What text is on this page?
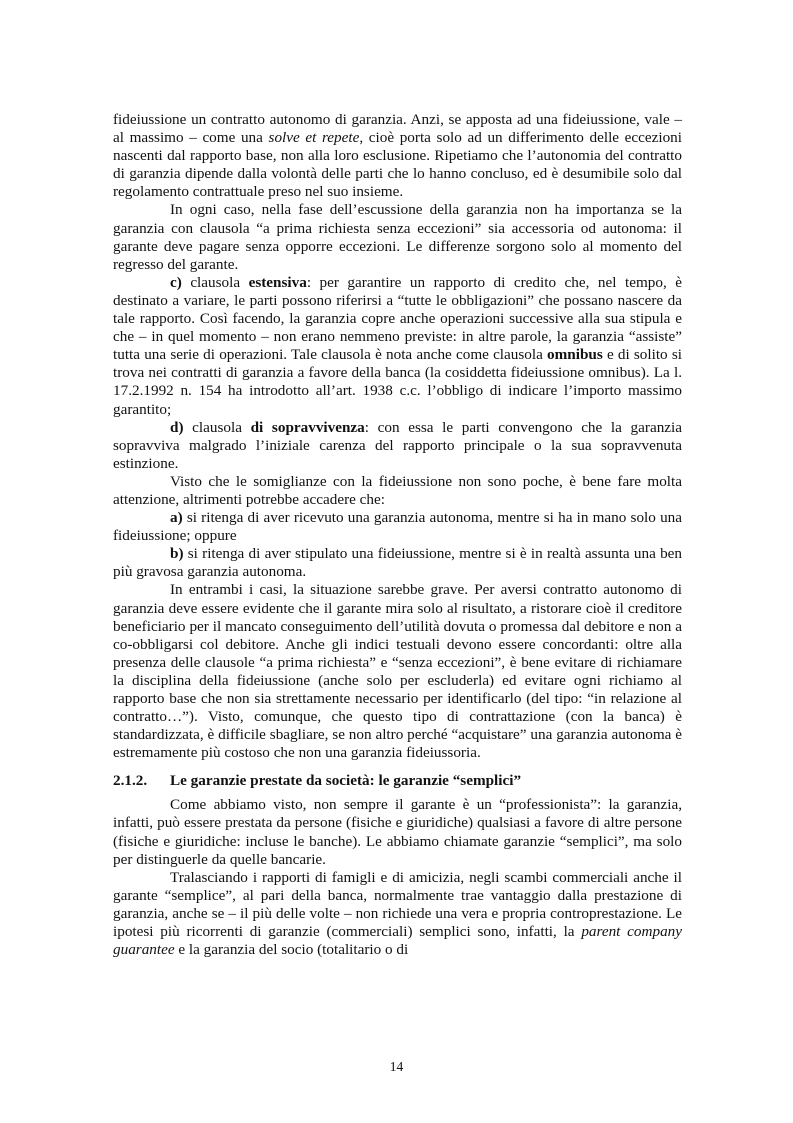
fideiussione un contratto autonomo di garanzia. Anzi, se apposta ad una fideiussione, vale – al massimo – come una solve et repete, cioè porta solo ad un differimento delle eccezioni nascenti dal rapporto base, non alla loro esclusione. Ripetiamo che l’autonomia del contratto di garanzia dipende dalla volontà delle parti che lo hanno concluso, ed è desumibile solo dal regolamento contrattuale preso nel suo insieme.

In ogni caso, nella fase dell’escussione della garanzia non ha importanza se la garanzia con clausola “a prima richiesta senza eccezioni” sia accessoria od autonoma: il garante deve pagare senza opporre eccezioni. Le differenze sorgono solo al momento del regresso del garante.

c) clausola estensiva: per garantire un rapporto di credito che, nel tempo, è destinato a variare, le parti possono riferirsi a “tutte le obbligazioni” che possano nascere da tale rapporto. Così facendo, la garanzia copre anche operazioni successive alla sua stipula e che – in quel momento – non erano nemmeno previste: in altre parole, la garanzia “assiste” tutta una serie di operazioni. Tale clausola è nota anche come clausola omnibus e di solito si trova nei contratti di garanzia a favore della banca (la cosiddetta fideiussione omnibus). La l. 17.2.1992 n. 154 ha introdotto all’art. 1938 c.c. l’obbligo di indicare l’importo massimo garantito;

d) clausola di sopravvivenza: con essa le parti convengono che la garanzia sopravviva malgrado l’iniziale carenza del rapporto principale o la sua sopravvenuta estinzione.

Visto che le somiglianze con la fideiussione non sono poche, è bene fare molta attenzione, altrimenti potrebbe accadere che:

a) si ritenga di aver ricevuto una garanzia autonoma, mentre si ha in mano solo una fideiussione; oppure

b) si ritenga di aver stipulato una fideiussione, mentre si è in realtà assunta una ben più gravosa garanzia autonoma.

In entrambi i casi, la situazione sarebbe grave. Per aversi contratto autonomo di garanzia deve essere evidente che il garante mira solo al risultato, a ristorare cioè il creditore beneficiario per il mancato conseguimento dell’utilità dovuta o promessa dal debitore e non a co-obbligarsi col debitore. Anche gli indici testuali devono essere concordanti: oltre alla presenza delle clausole “a prima richiesta” e “senza eccezioni”, è bene evitare di richiamare la disciplina della fideiussione (anche solo per escluderla) ed evitare ogni richiamo al rapporto base che non sia strettamente necessario per identificarlo (del tipo: “in relazione al contratto…”). Visto, comunque, che questo tipo di contrattazione (con la banca) è standardizzata, è difficile sbagliare, se non altro perché “acquistare” una garanzia autonoma è estremamente più costoso che non una garanzia fideiussoria.

2.1.2.	Le garanzie prestate da società: le garanzie “semplici”

Come abbiamo visto, non sempre il garante è un “professionista”: la garanzia, infatti, può essere prestata da persone (fisiche e giuridiche) qualsiasi a favore di altre persone (fisiche e giuridiche: incluse le banche). Le abbiamo chiamate garanzie “semplici”, ma solo per distinguerle da quelle bancarie.

Tralasciando i rapporti di famigli e di amicizia, negli scambi commerciali anche il garante “semplice”, al pari della banca, normalmente trae vantaggio dalla prestazione di garanzia, anche se – il più delle volte – non richiede una vera e propria controprestazione. Le ipotesi più ricorrenti di garanzie (commerciali) semplici sono, infatti, la parent company guarantee e la garanzia del socio (totalitario o di

14
